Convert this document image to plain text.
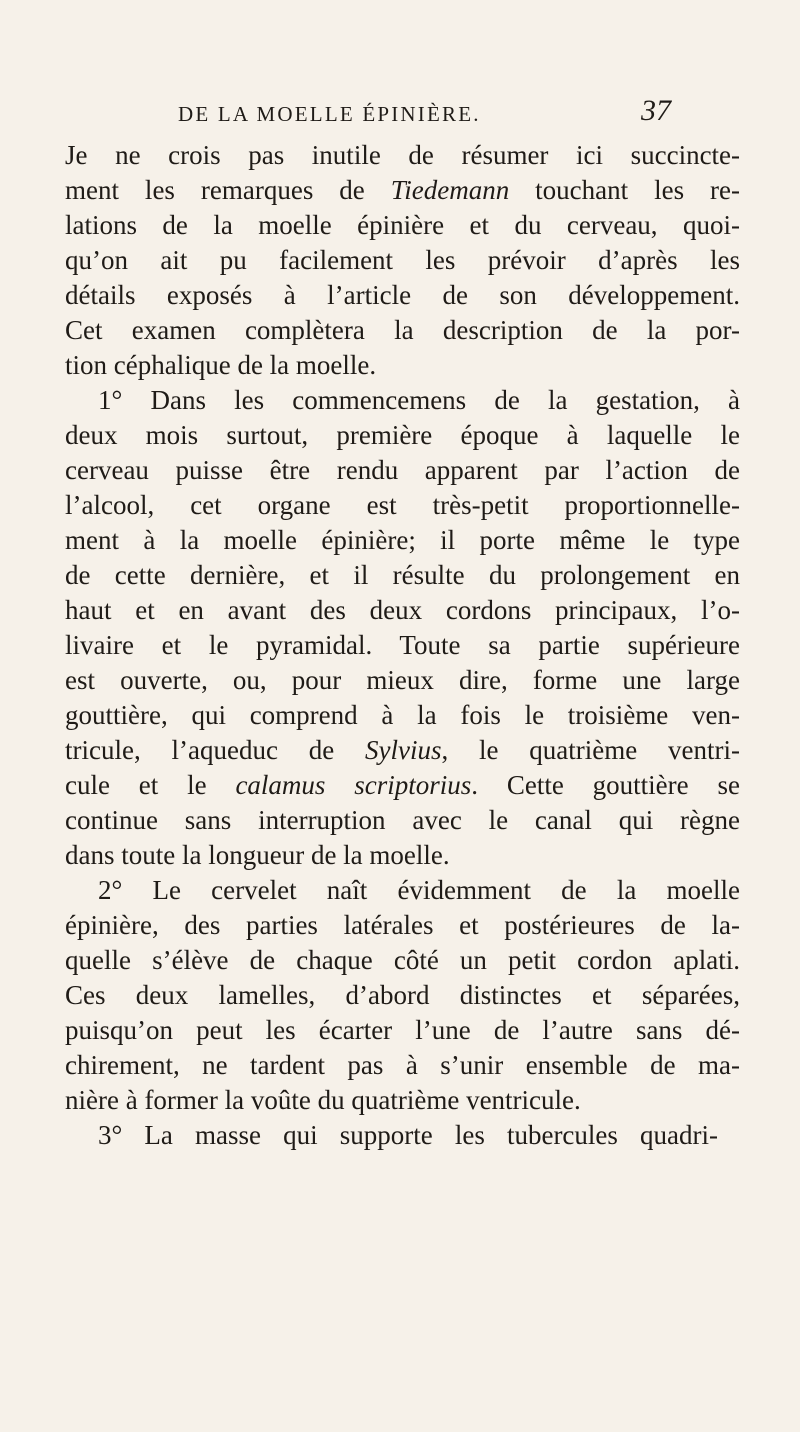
DE LA MOELLE ÉPINIÈRE.	37
Je ne crois pas inutile de résumer ici succincte-
ment les remarques de Tiedemann touchant les re-
lations de la moelle épinière et du cerveau, quoi-
qu’on ait pu facilement les prévoir d’après les
détails exposés à l’article de son développement.
Cet examen complètera la description de la por-
tion céphalique de la moelle.
1° Dans les commencemens de la gestation, à
deux mois surtout, première époque à laquelle le
cerveau puisse être rendu apparent par l’action de
l’alcool, cet organe est très-petit proportionnelle-
ment à la moelle épinière; il porte même le type
de cette dernière, et il résulte du prolongement en
haut et en avant des deux cordons principaux, l’o-
livaire et le pyramidal. Toute sa partie supérieure
est ouverte, ou, pour mieux dire, forme une large
gouttière, qui comprend à la fois le troisième ven-
tricule, l’aqueduc de Sylvius, le quatrième ventri-
cule et le calamus scriptorius. Cette gouttière se
continue sans interruption avec le canal qui règne
dans toute la longueur de la moelle.
2° Le cervelet naît évidemment de la moelle
épinière, des parties latérales et postérieures de la-
quelle s’élève de chaque côté un petit cordon aplati.
Ces deux lamelles, d’abord distinctes et séparées,
puisqu’on peut les écarter l’une de l’autre sans dé-
chirement, ne tardent pas à s’unir ensemble de ma-
nière à former la voûte du quatrième ventricule.
3° La masse qui supporte les tubercules quadri-
